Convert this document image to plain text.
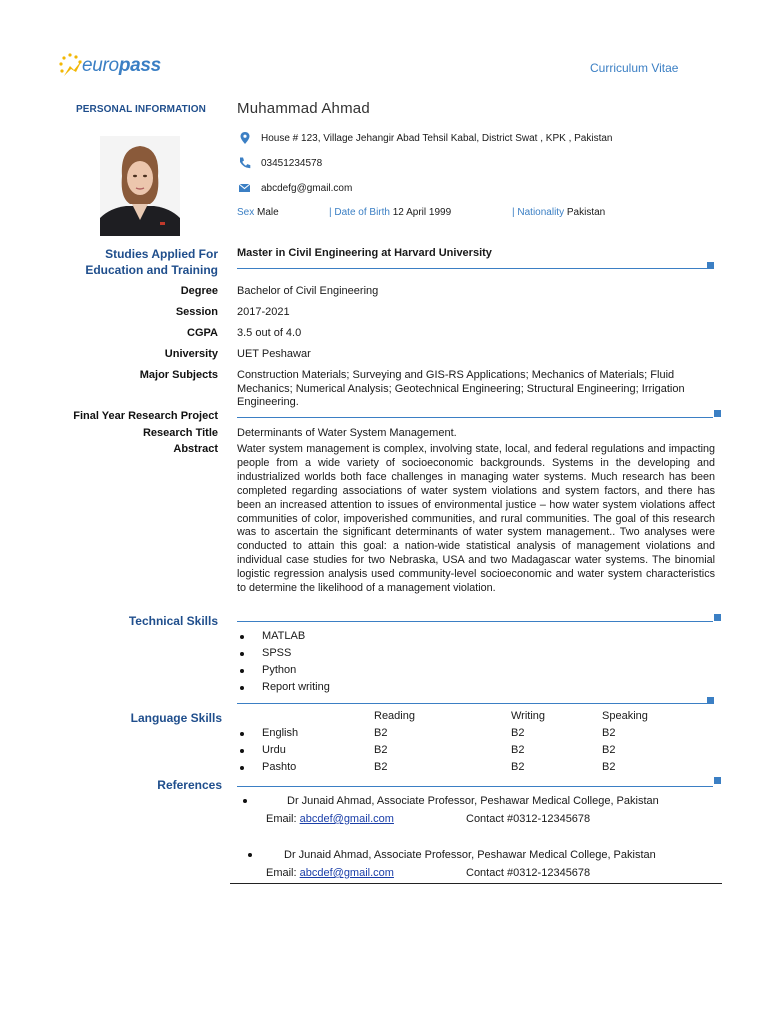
europass	Curriculum Vitae
PERSONAL INFORMATION Muhammad Ahmad
House # 123, Village Jehangir Abad Tehsil Kabal, District Swat , KPK , Pakistan
03451234578
abcdefg@gmail.com
Sex Male	| Date of Birth 12 April 1999	| Nationality Pakistan
Studies Applied For
Education and Training
Master in Civil Engineering at Harvard University
Degree Bachelor of Civil Engineering
Session 2017-2021
CGPA 3.5 out of 4.0
University UET Peshawar
Major Subjects Construction Materials; Surveying and GIS-RS Applications; Mechanics of Materials; Fluid Mechanics; Numerical Analysis; Geotechnical Engineering; Structural Engineering; Irrigation Engineering.
Final Year Research Project
Research Title Determinants of Water System Management.
Abstract Water system management is complex, involving state, local, and federal regulations and impacting people from a wide variety of socioeconomic backgrounds. Systems in the developing and industrialized worlds both face challenges in managing water systems. Much research has been completed regarding associations of water system violations and system factors, and there has been an increased attention to issues of environmental justice – how water system violations affect communities of color, impoverished communities, and rural communities. The goal of this research was to ascertain the significant determinants of water system management.. Two analyses were conducted to attain this goal: a nation-wide statistical analysis of management violations and individual case studies for two Nebraska, USA and two Madagascar water systems. The binomial logistic regression analysis used community-level socioeconomic and water system characteristics to determine the likelihood of a management violation.
Technical Skills
MATLAB
SPSS
Python
Report writing
Language Skills	Reading	Writing	Speaking
English	B2	B2	B2
Urdu	B2	B2	B2
Pashto	B2	B2	B2
References
Dr Junaid Ahmad, Associate Professor, Peshawar Medical College, Pakistan
Email: abcdef@gmail.com	Contact #0312-12345678
Dr Junaid Ahmad, Associate Professor, Peshawar Medical College, Pakistan
Email: abcdef@gmail.com	Contact #0312-12345678
